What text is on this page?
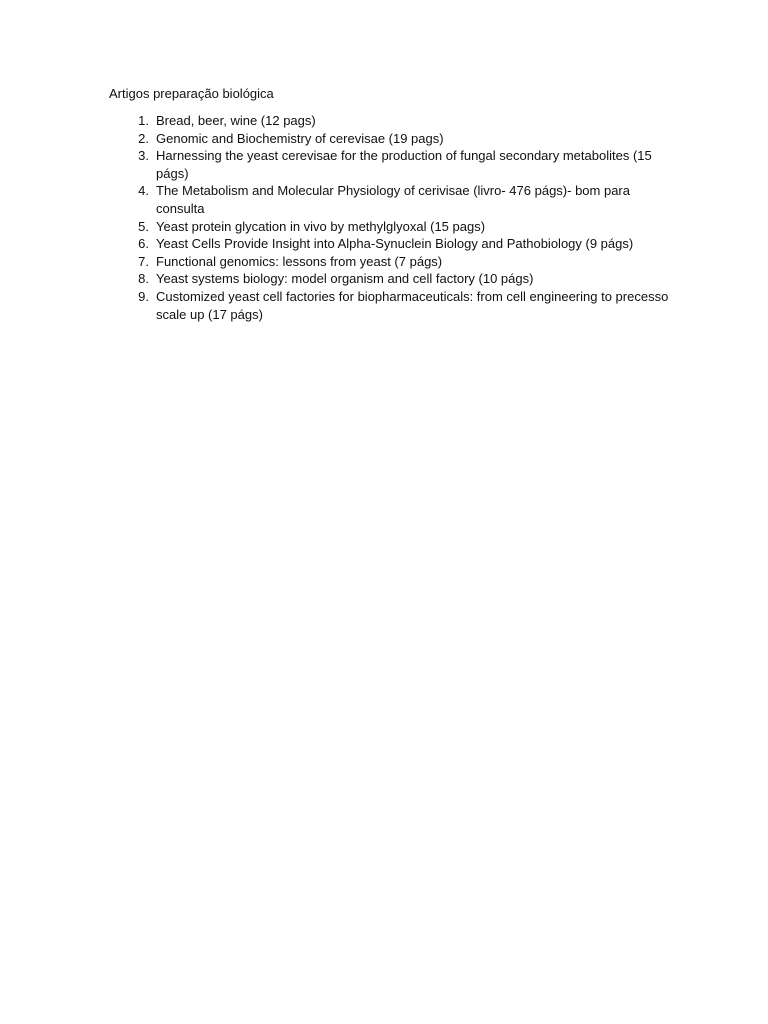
Artigos preparação biológica
1. Bread, beer, wine (12 pags)
2. Genomic and Biochemistry of cerevisae (19 pags)
3. Harnessing the yeast cerevisae for the production of fungal secondary metabolites (15 págs)
4. The Metabolism and Molecular Physiology of cerivisae (livro- 476 págs)- bom para consulta
5. Yeast protein glycation in vivo by methylglyoxal (15 pags)
6. Yeast Cells Provide Insight into Alpha-Synuclein Biology and Pathobiology (9 págs)
7. Functional genomics: lessons from yeast (7 págs)
8. Yeast systems biology: model organism and cell factory (10 págs)
9. Customized yeast cell factories for biopharmaceuticals: from cell engineering to precesso scale up (17 págs)
